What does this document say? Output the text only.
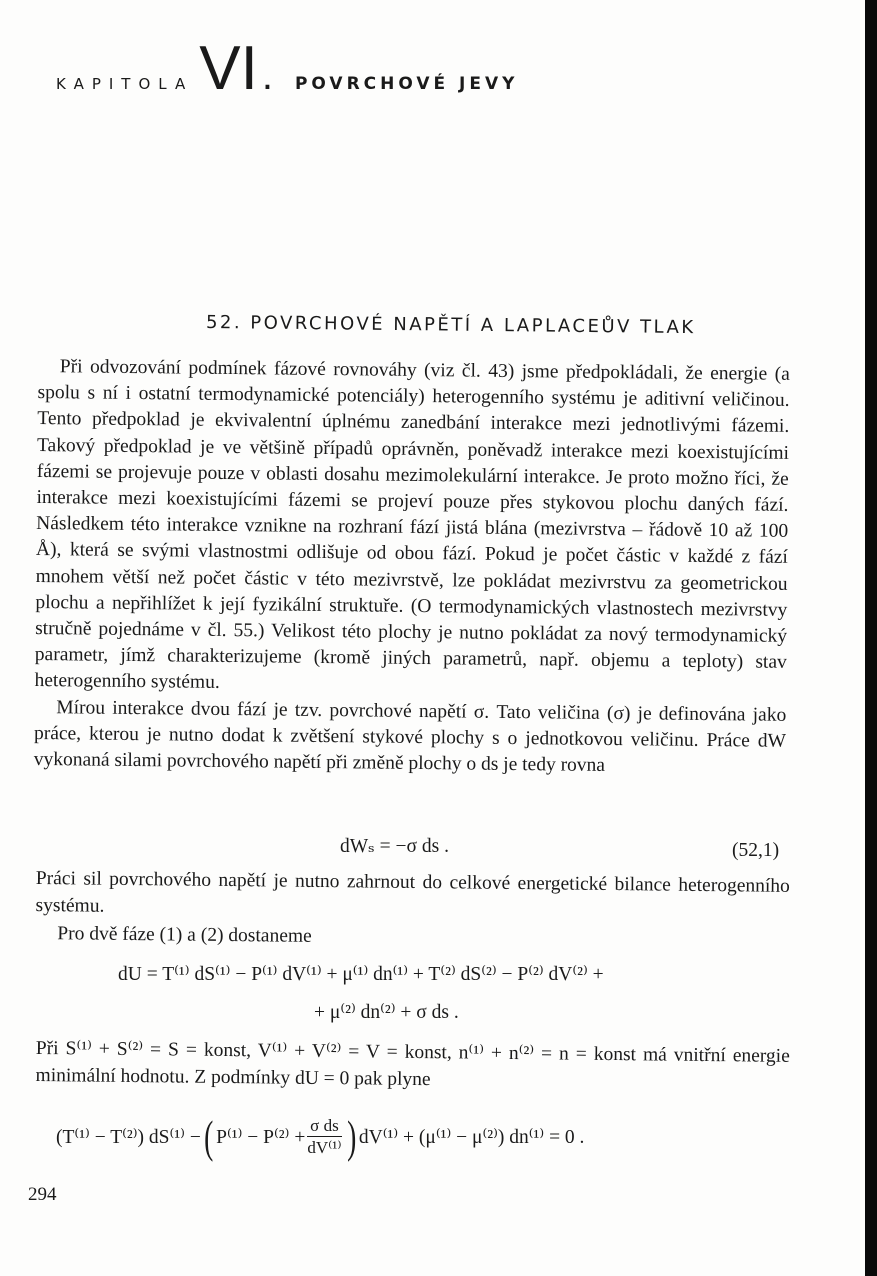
KAPITOLA VI . POVRCHOVÉ JEVY
52. POVRCHOVÉ NAPĚTÍ A LAPLACEŮV TLAK

Při odvozování podmínek fázové rovnováhy (viz čl. 43) jsme předpokládali, že energie (a spolu s ní i ostatní termodynamické potenciály) heterogenního systému je aditivní veličinou. Tento předpoklad je ekvivalentní úplnému zanedbání interakce mezi jednotlivými fázemi. Takový předpoklad je ve většině případů oprávněn, poněvadž interakce mezi koexistujícími fázemi se projevuje pouze v oblasti dosahu mezimolekulární interakce. Je proto možno říci, že interakce mezi koexistujícími fázemi se projeví pouze přes stykovou plochu daných fází. Následkem této interakce vznikne na rozhraní fází jistá blána (mezivrstva – řádově 10 až 100 Å), která se svými vlastnostmi odlišuje od obou fází. Pokud je počet částic v každé z fází mnohem větší než počet částic v této mezivrstvě, lze pokládat mezivrstvu za geometrickou plochu a nepřihlížet k její fyzikální struktuře. (O termodynamických vlastnostech mezivrstvy stručně pojednáme v čl. 55.) Velikost této plochy je nutno pokládat za nový termodynamický parametr, jímž charakterizujeme (kromě jiných parametrů, např. objemu a teploty) stav heterogenního systému.

Mírou interakce dvou fází je tzv. povrchové napětí σ. Tato veličina (σ) je definována jako práce, kterou je nutno dodat k zvětšení stykové plochy s o jednotkovou veličinu. Práce dW vykonaná silami povrchového napětí při změně plochy o ds je tedy rovna

dWₛ = −σ ds .	(52,1)

Práci sil povrchového napětí je nutno zahrnout do celkové energetické bilance heterogenního systému.

Pro dvě fáze (1) a (2) dostaneme

dU = T⁽¹⁾ dS⁽¹⁾ − P⁽¹⁾ dV⁽¹⁾ + μ⁽¹⁾ dn⁽¹⁾ + T⁽²⁾ dS⁽²⁾ − P⁽²⁾ dV⁽²⁾ +
+ μ⁽²⁾ dn⁽²⁾ + σ ds .

Při S⁽¹⁾ + S⁽²⁾ = S = konst, V⁽¹⁾ + V⁽²⁾ = V = konst, n⁽¹⁾ + n⁽²⁾ = n = konst má vnitřní energie minimální hodnotu. Z podmínky dU = 0 pak plyne

(T⁽¹⁾ − T⁽²⁾) dS⁽¹⁾ − ( $P^{(1)} - P^{(2)} + \frac{\text{σ ds}}{\text{dV⁽¹⁾}}$ ) dV⁽¹⁾ + (μ⁽¹⁾ − μ⁽²⁾) dn⁽¹⁾ = 0 .
294
